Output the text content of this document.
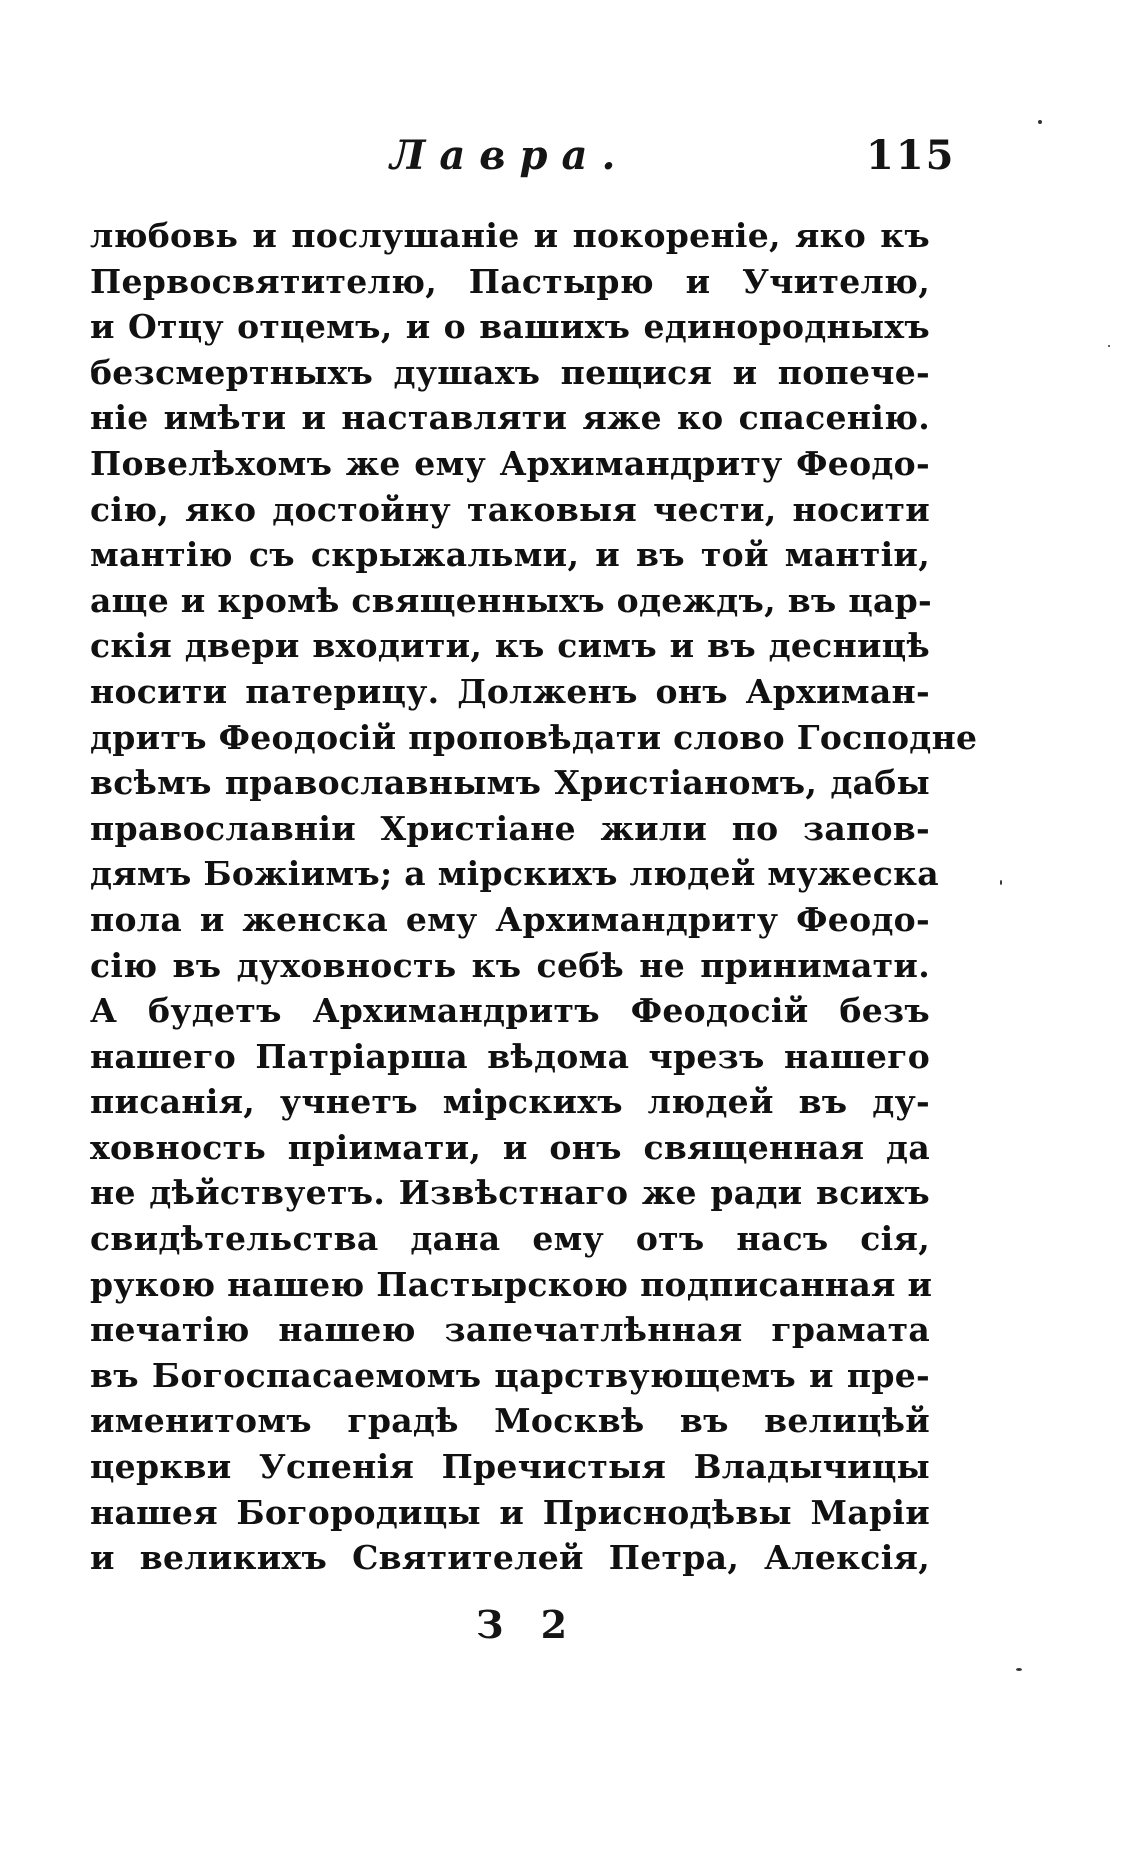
Лавра.	115
любовь и послушаніе и покореніе, яко къ
Первосвятителю, Пастырю и Учителю,
и Отцу отцемъ, и о вашихъ единородныхъ
безсмертныхъ душахъ пещися и попече-
ніе имѣти и наставляти яже ко спасенію.
Повелѣхомъ же ему Архимандриту Феодо-
сію, яко достойну таковыя чести, носити
мантію съ скрыжальми, и въ той мантіи,
аще и кромѣ священныхъ одеждъ, въ цар-
скія двери входити, къ симъ и въ десницѣ
носити патерицу. Долженъ онъ Архиман-
дритъ Феодосій проповѣдати слово Господне
всѣмъ православнымъ Христіаномъ, дабы
православніи Христіане жили по запов-
дямъ Божіимъ; а мірскихъ людей мужеска
пола и женска ему Архимандриту Феодо-
сію въ духовность къ себѣ не принимати.
А будетъ Архимандритъ Феодосій безъ
нашего Патріарша вѣдома чрезъ нашего
писанія, учнетъ мірскихъ людей въ ду-
ховность пріимати, и онъ священная да
не дѣйствуетъ. Извѣстнаго же ради всихъ
свидѣтельства дана ему отъ насъ сія,
рукою нашею Пастырскою подписанная и
печатію нашею запечатлѣнная грамата
въ Богоспасаемомъ царствующемъ и пре-
именитомъ градѣ Москвѣ въ велицѣй
церкви Успенія Пречистыя Владычицы
нашея Богородицы и Приснодѣвы Маріи
и великихъ Святителей Петра, Алексія,
З 2
